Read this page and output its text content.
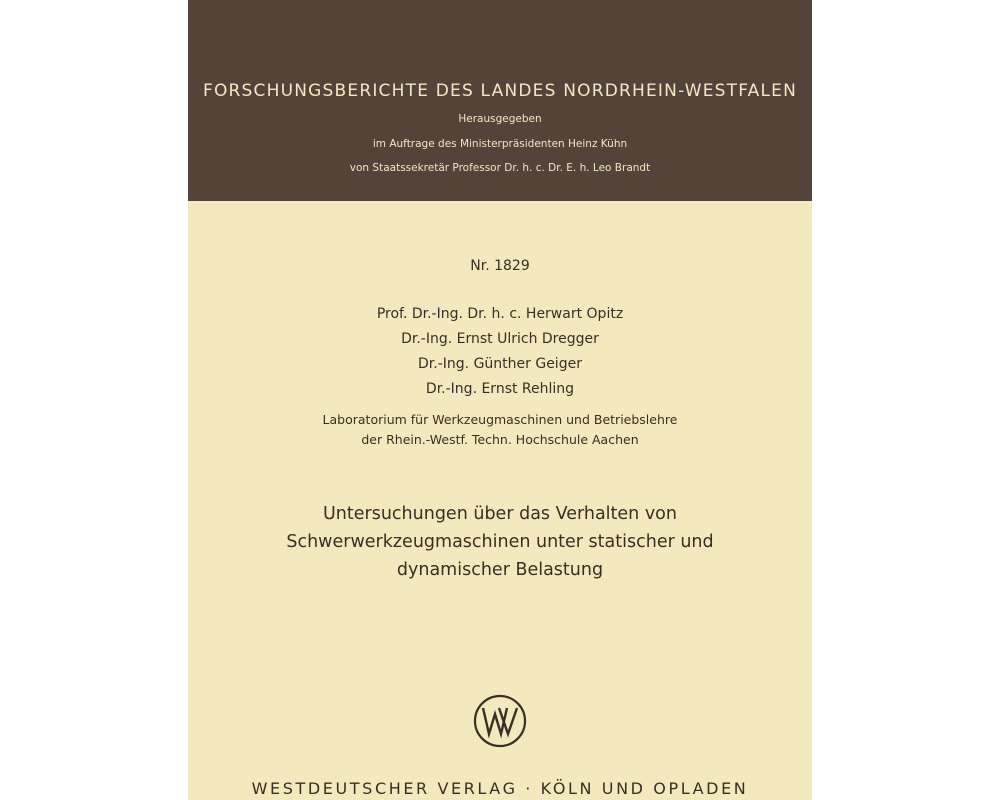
FORSCHUNGSBERICHTE DES LANDES NORDRHEIN-WESTFALEN
Herausgegeben
im Auftrage des Ministerpräsidenten Heinz Kühn
von Staatssekretär Professor Dr. h. c. Dr. E. h. Leo Brandt
Nr. 1829
Prof. Dr.-Ing. Dr. h. c. Herwart Opitz
Dr.-Ing. Ernst Ulrich Dregger
Dr.-Ing. Günther Geiger
Dr.-Ing. Ernst Rehling
Laboratorium für Werkzeugmaschinen und Betriebslehre
der Rhein.-Westf. Techn. Hochschule Aachen
Untersuchungen über das Verhalten von
Schwerwerkzeugmaschinen unter statischer und
dynamischer Belastung
WESTDEUTSCHER VERLAG · KÖLN UND OPLADEN
